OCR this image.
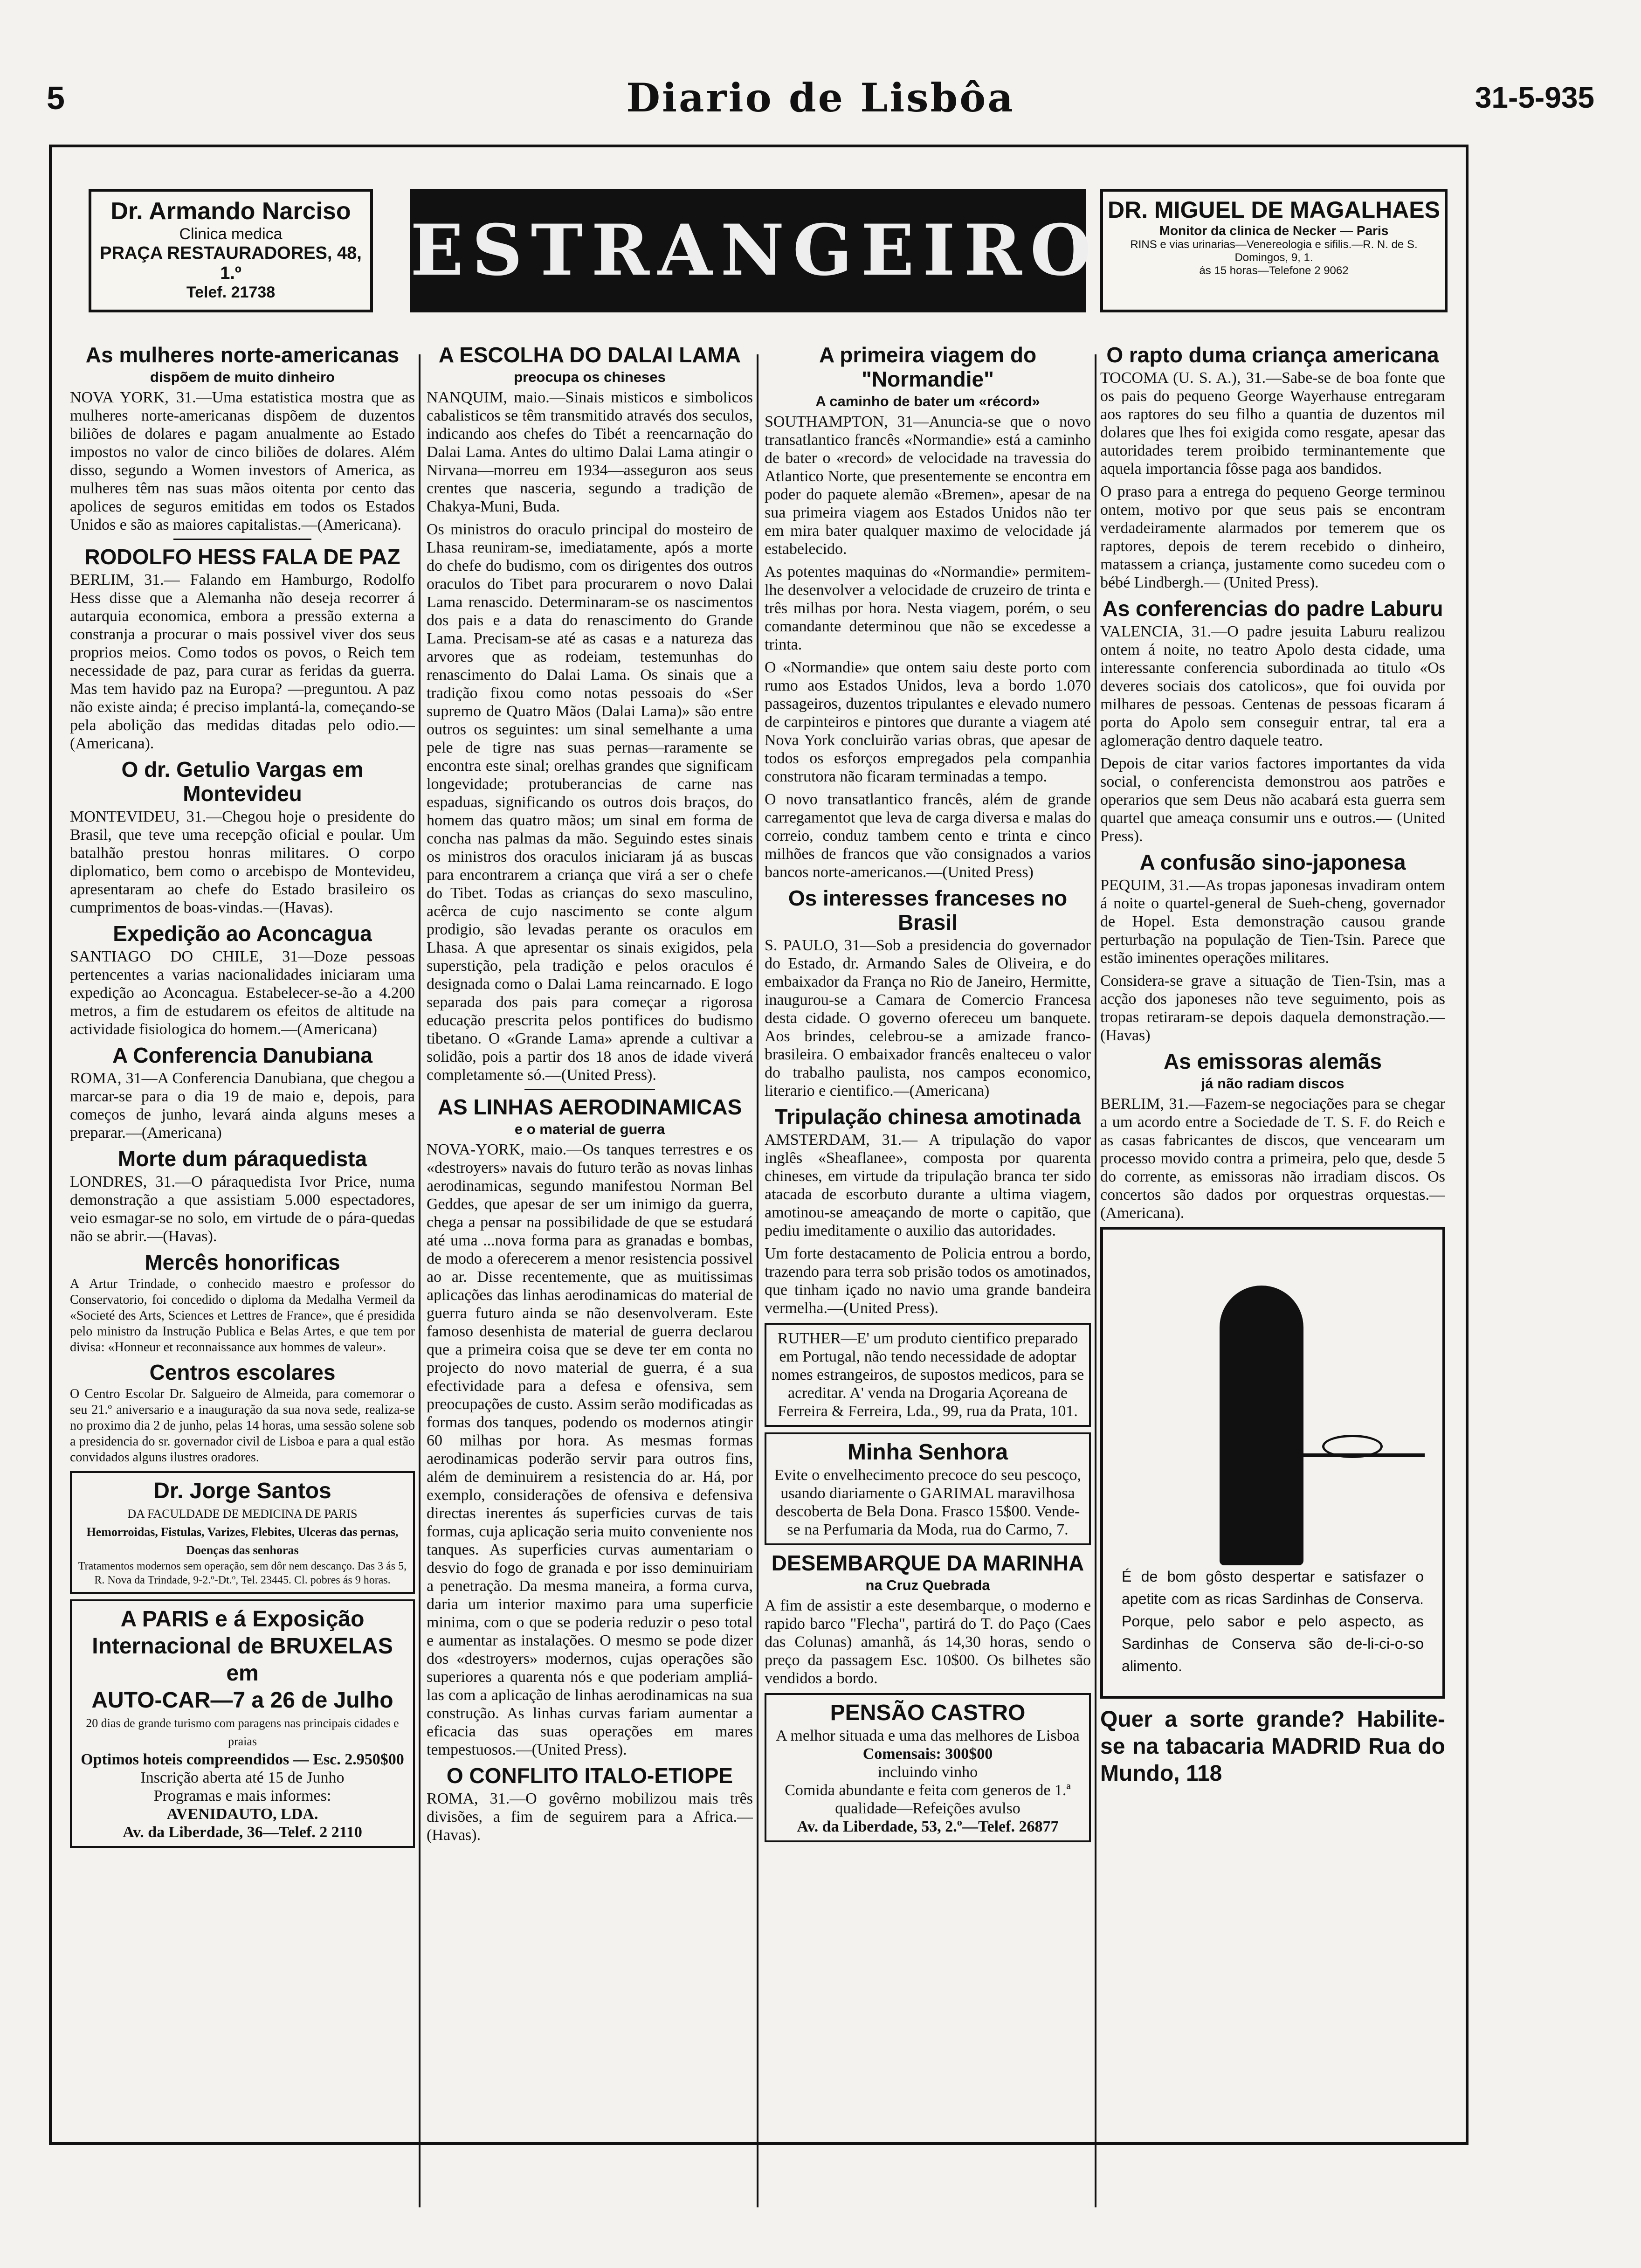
5	Diario de Lisbôa	31-5-935
Dr. Armando Narciso
Clinica medica
PRAÇA RESTAURADORES, 48, 1.º
Telef. 21738
ESTRANGEIRO DR. MIGUEL DE MAGALHAES
Monitor da clinica de Necker — Paris
RINS e vias urinarias—Venereologia e sifilis.—R. N. de S. Domingos, 9, 1.
ás 15 horas—Telefone 2 9062
As mulheres norte-americanas
dispõem de muito dinheiro

NOVA YORK, 31.—Uma estatistica mostra que as mulheres norte-americanas dispõem de duzentos biliões de dolares e pagam anualmente ao Estado impostos no valor de cinco biliões de dolares. Além disso, segundo a Women investors of America, as mulheres têm nas suas mãos oitenta por cento das apolices de seguros emitidas em todos os Estados Unidos e são as maiores capitalistas.—(Americana).

RODOLFO HESS FALA DE PAZ

BERLIM, 31.— Falando em Hamburgo, Rodolfo Hess disse que a Alemanha não deseja recorrer á autarquia economica, embora a pressão externa a constranja a procurar o mais possivel viver dos seus proprios meios. Como todos os povos, o Reich tem necessidade de paz, para curar as feridas da guerra. Mas tem havido paz na Europa? —preguntou. A paz não existe ainda; é preciso implantá-la, começando-se pela abolição das medidas ditadas pelo odio.— (Americana).

O dr. Getulio Vargas em Montevideu

MONTEVIDEU, 31.—Chegou hoje o presidente do Brasil, que teve uma recepção oficial e poular. Um batalhão prestou honras militares. O corpo diplomatico, bem como o arcebispo de Montevideu, apresentaram ao chefe do Estado brasileiro os cumprimentos de boas-vindas.—(Havas).

Expedição ao Aconcagua

SANTIAGO DO CHILE, 31—Doze pessoas pertencentes a varias nacionalidades iniciaram uma expedição ao Aconcagua. Estabelecer-se-ão a 4.200 metros, a fim de estudarem os efeitos de altitude na actividade fisiologica do homem.—(Americana)

A Conferencia Danubiana

ROMA, 31—A Conferencia Danubiana, que chegou a marcar-se para o dia 19 de maio e, depois, para começos de junho, levará ainda alguns meses a preparar.—(Americana)

Morte dum páraquedista

LONDRES, 31.—O páraquedista Ivor Price, numa demonstração a que assistiam 5.000 espectadores, veio esmagar-se no solo, em virtude de o pára-quedas não se abrir.—(Havas).

Mercês honorificas

A Artur Trindade, o conhecido maestro e professor do Conservatorio, foi concedido o diploma da Medalha Vermeil da «Societé des Arts, Sciences et Lettres de France», que é presidida pelo ministro da Instrução Publica e Belas Artes, e que tem por divisa: «Honneur et reconnaissance aux hommes de valeur».

Centros escolares

O Centro Escolar Dr. Salgueiro de Almeida, para comemorar o seu 21.º aniversario e a inauguração da sua nova sede, realiza-se no proximo dia 2 de junho, pelas 14 horas, uma sessão solene sob a presidencia do sr. governador civil de Lisboa e para a qual estão convidados alguns ilustres oradores.

Dr. Jorge Santos
DA FACULDADE DE MEDICINA DE PARIS
Hemorroidas, Fistulas, Varizes, Flebites, Ulceras das pernas, Doenças das senhoras
Tratamentos modernos sem operação, sem dôr nem descanço. Das 3 ás 5, R. Nova da Trindade, 9-2.º-Dt.º, Tel. 23445. Cl. pobres ás 9 horas.
A PARIS e á Exposição Internacional de BRUXELAS em
AUTO-CAR—7 a 26 de Julho
20 dias de grande turismo com paragens nas principais cidades e praias
Optimos hoteis compreendidos — Esc. 2.950$00
Inscrição aberta até 15 de Junho
Programas e mais informes:
AVENIDAUTO, LDA.
Av. da Liberdade, 36—Telef. 2 2110
A ESCOLHA DO DALAI LAMA
preocupa os chineses

NANQUIM, maio.—Sinais misticos e simbolicos cabalisticos se têm transmitido através dos seculos, indicando aos chefes do Tibét a reencarnação do Dalai Lama. Antes do ultimo Dalai Lama atingir o Nirvana—morreu em 1934—asseguron aos seus crentes que nasceria, segundo a tradição de Chakya-Muni, Buda.

Os ministros do oraculo principal do mosteiro de Lhasa reuniram-se, imediatamente, após a morte do chefe do budismo, com os dirigentes dos outros oraculos do Tibet para procurarem o novo Dalai Lama renascido. Determinaram-se os nascimentos dos pais e a data do renascimento do Grande Lama. Precisam-se até as casas e a natureza das arvores que as rodeiam, testemunhas do renascimento do Dalai Lama. Os sinais que a tradição fixou como notas pessoais do «Ser supremo de Quatro Mãos (Dalai Lama)» são entre outros os seguintes: um sinal semelhante a uma pele de tigre nas suas pernas—raramente se encontra este sinal; orelhas grandes que significam longevidade; protuberancias de carne nas espaduas, significando os outros dois braços, do homem das quatro mãos; um sinal em forma de concha nas palmas da mão. Seguindo estes sinais os ministros dos oraculos iniciaram já as buscas para encontrarem a criança que virá a ser o chefe do Tibet. Todas as crianças do sexo masculino, acêrca de cujo nascimento se conte algum prodigio, são levadas perante os oraculos em Lhasa. A que apresentar os sinais exigidos, pela superstição, pela tradição e pelos oraculos é designada como o Dalai Lama reincarnado. E logo separada dos pais para começar a rigorosa educação prescrita pelos pontifices do budismo tibetano. O «Grande Lama» aprende a cultivar a solidão, pois a partir dos 18 anos de idade viverá completamente só.—(United Press).

AS LINHAS AERODINAMICAS
e o material de guerra

NOVA-YORK, maio.—Os tanques terrestres e os «destroyers» navais do futuro terão as novas linhas aerodinamicas, segundo manifestou Norman Bel Geddes, que apesar de ser um inimigo da guerra, chega a pensar na possibilidade de que se estudará até uma ...nova forma para as granadas e bombas, de modo a oferecerem a menor resistencia possivel ao ar. Disse recentemente, que as muitissimas aplicações das linhas aerodinamicas do material de guerra futuro ainda se não desenvolveram. Este famoso desenhista de material de guerra declarou que a primeira coisa que se deve ter em conta no projecto do novo material de guerra, é a sua efectividade para a defesa e ofensiva, sem preocupações de custo. Assim serão modificadas as formas dos tanques, podendo os modernos atingir 60 milhas por hora. As mesmas formas aerodinamicas poderão servir para outros fins, além de deminuirem a resistencia do ar. Há, por exemplo, considerações de ofensiva e defensiva directas inerentes ás superficies curvas de tais formas, cuja aplicação seria muito conveniente nos tanques. As superficies curvas aumentariam o desvio do fogo de granada e por isso deminuiriam a penetração. Da mesma maneira, a forma curva, daria um interior maximo para uma superficie minima, com o que se poderia reduzir o peso total e aumentar as instalações. O mesmo se pode dizer dos «destroyers» modernos, cujas operações são superiores a quarenta nós e que poderiam ampliá-las com a aplicação de linhas aerodinamicas na sua construção. As linhas curvas fariam aumentar a eficacia das suas operações em mares tempestuosos.—(United Press).

O CONFLITO ITALO-ETIOPE

ROMA, 31.—O govêrno mobilizou mais três divisões, a fim de seguirem para a Africa.—(Havas).

A primeira viagem do "Normandie"
A caminho de bater um «récord»

SOUTHAMPTON, 31—Anuncia-se que o novo transatlantico francês «Normandie» está a caminho de bater o «record» de velocidade na travessia do Atlantico Norte, que presentemente se encontra em poder do paquete alemão «Bremen», apesar de na sua primeira viagem aos Estados Unidos não ter em mira bater qualquer maximo de velocidade já estabelecido.

As potentes maquinas do «Normandie» permitem-lhe desenvolver a velocidade de cruzeiro de trinta e três milhas por hora. Nesta viagem, porém, o seu comandante determinou que não se excedesse a trinta.

O «Normandie» que ontem saiu deste porto com rumo aos Estados Unidos, leva a bordo 1.070 passageiros, duzentos tripulantes e elevado numero de carpinteiros e pintores que durante a viagem até Nova York concluirão varias obras, que apesar de todos os esforços empregados pela companhia construtora não ficaram terminadas a tempo.

O novo transatlantico francês, além de grande carregamentot que leva de carga diversa e malas do correio, conduz tambem cento e trinta e cinco milhões de francos que vão consignados a varios bancos norte-americanos.—(United Press)

Os interesses franceses no Brasil

S. PAULO, 31—Sob a presidencia do governador do Estado, dr. Armando Sales de Oliveira, e do embaixador da França no Rio de Janeiro, Hermitte, inaugurou-se a Camara de Comercio Francesa desta cidade. O governo ofereceu um banquete. Aos brindes, celebrou-se a amizade franco-brasileira. O embaixador francês enalteceu o valor do trabalho paulista, nos campos economico, literario e cientifico.—(Americana)

Tripulação chinesa amotinada

AMSTERDAM, 31.— A tripulação do vapor inglês «Sheaflanee», composta por quarenta chineses, em virtude da tripulação branca ter sido atacada de escorbuto durante a ultima viagem, amotinou-se ameaçando de morte o capitão, que pediu imeditamente o auxilio das autoridades.

Um forte destacamento de Policia entrou a bordo, trazendo para terra sob prisão todos os amotinados, que tinham içado no navio uma grande bandeira vermelha.—(United Press).

RUTHER—E' um produto cientifico preparado em Portugal, não tendo necessidade de adoptar nomes estrangeiros, de supostos medicos, para se acreditar. A' venda na Drogaria Açoreana de Ferreira & Ferreira, Lda., 99, rua da Prata, 101.
Minha Senhora
Evite o envelhecimento precoce do seu pescoço, usando diariamente o GARIMAL maravilhosa descoberta de Bela Dona. Frasco 15$00. Vende-se na Perfumaria da Moda, rua do Carmo, 7.
DESEMBARQUE DA MARINHA
na Cruz Quebrada

A fim de assistir a este desembarque, o moderno e rapido barco "Flecha", partirá do T. do Paço (Caes das Colunas) amanhã, ás 14,30 horas, sendo o preço da passagem Esc. 10$00. Os bilhetes são vendidos a bordo.

PENSÃO CASTRO
A melhor situada e uma das melhores de Lisboa
Comensais: 300$00
incluindo vinho
Comida abundante e feita com generos de 1.ª qualidade—Refeições avulso
Av. da Liberdade, 53, 2.º—Telef. 26877
O rapto duma criança americana

TOCOMA (U. S. A.), 31.—Sabe-se de boa fonte que os pais do pequeno George Wayerhause entregaram aos raptores do seu filho a quantia de duzentos mil dolares que lhes foi exigida como resgate, apesar das autoridades terem proibido terminantemente que aquela importancia fôsse paga aos bandidos.

O praso para a entrega do pequeno George terminou ontem, motivo por que seus pais se encontram verdadeiramente alarmados por temerem que os raptores, depois de terem recebido o dinheiro, matassem a criança, justamente como sucedeu com o bébé Lindbergh.— (United Press).

As conferencias do padre Laburu

VALENCIA, 31.—O padre jesuita Laburu realizou ontem á noite, no teatro Apolo desta cidade, uma interessante conferencia subordinada ao titulo «Os deveres sociais dos catolicos», que foi ouvida por milhares de pessoas. Centenas de pessoas ficaram á porta do Apolo sem conseguir entrar, tal era a aglomeração dentro daquele teatro.

Depois de citar varios factores importantes da vida social, o conferencista demonstrou aos patrões e operarios que sem Deus não acabará esta guerra sem quartel que ameaça consumir uns e outros.— (United Press).

A confusão sino-japonesa

PEQUIM, 31.—As tropas japonesas invadiram ontem á noite o quartel-general de Sueh-cheng, governador de Hopel. Esta demonstração causou grande perturbação na população de Tien-Tsin. Parece que estão iminentes operações militares.

Considera-se grave a situação de Tien-Tsin, mas a acção dos japoneses não teve seguimento, pois as tropas retiraram-se depois daquela demonstração.—(Havas)

As emissoras alemãs
já não radiam discos

BERLIM, 31.—Fazem-se negociações para se chegar a um acordo entre a Sociedade de T. S. F. do Reich e as casas fabricantes de discos, que vencearam um processo movido contra a primeira, pelo que, desde 5 do corrente, as emissoras não irradiam discos. Os concertos são dados por orquestras orquestas.—(Americana).

É de bom gôsto despertar e satisfazer o apetite com as ricas Sardinhas de Conserva. Porque, pelo sabor e pelo aspecto, as Sardinhas de Conserva são de-li-ci-o-so alimento.
Quer a sorte grande? Habilite-se na tabacaria MADRID Rua do Mundo, 118
